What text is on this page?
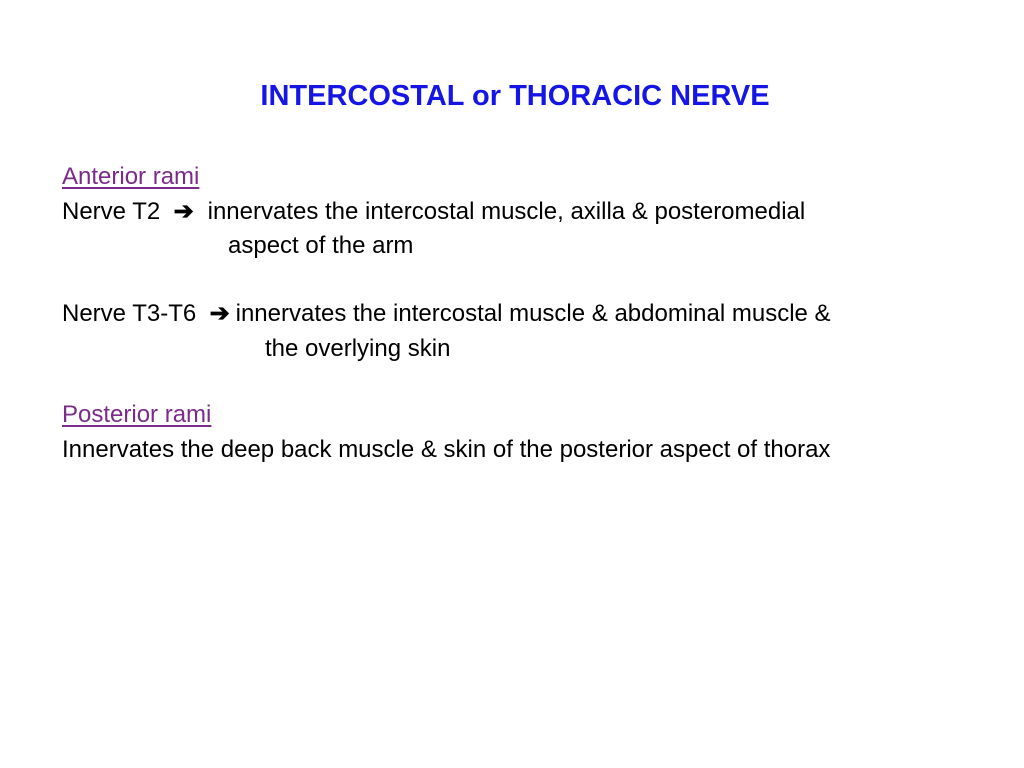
INTERCOSTAL or THORACIC NERVE
Anterior rami
Nerve T2  ➔ innervates the intercostal muscle, axilla & posteromedial
aspect of the arm
Nerve T3-T6  ➔ innervates the intercostal muscle & abdominal muscle &
the overlying skin
Posterior rami
Innervates the deep back muscle & skin of the posterior aspect of thorax
